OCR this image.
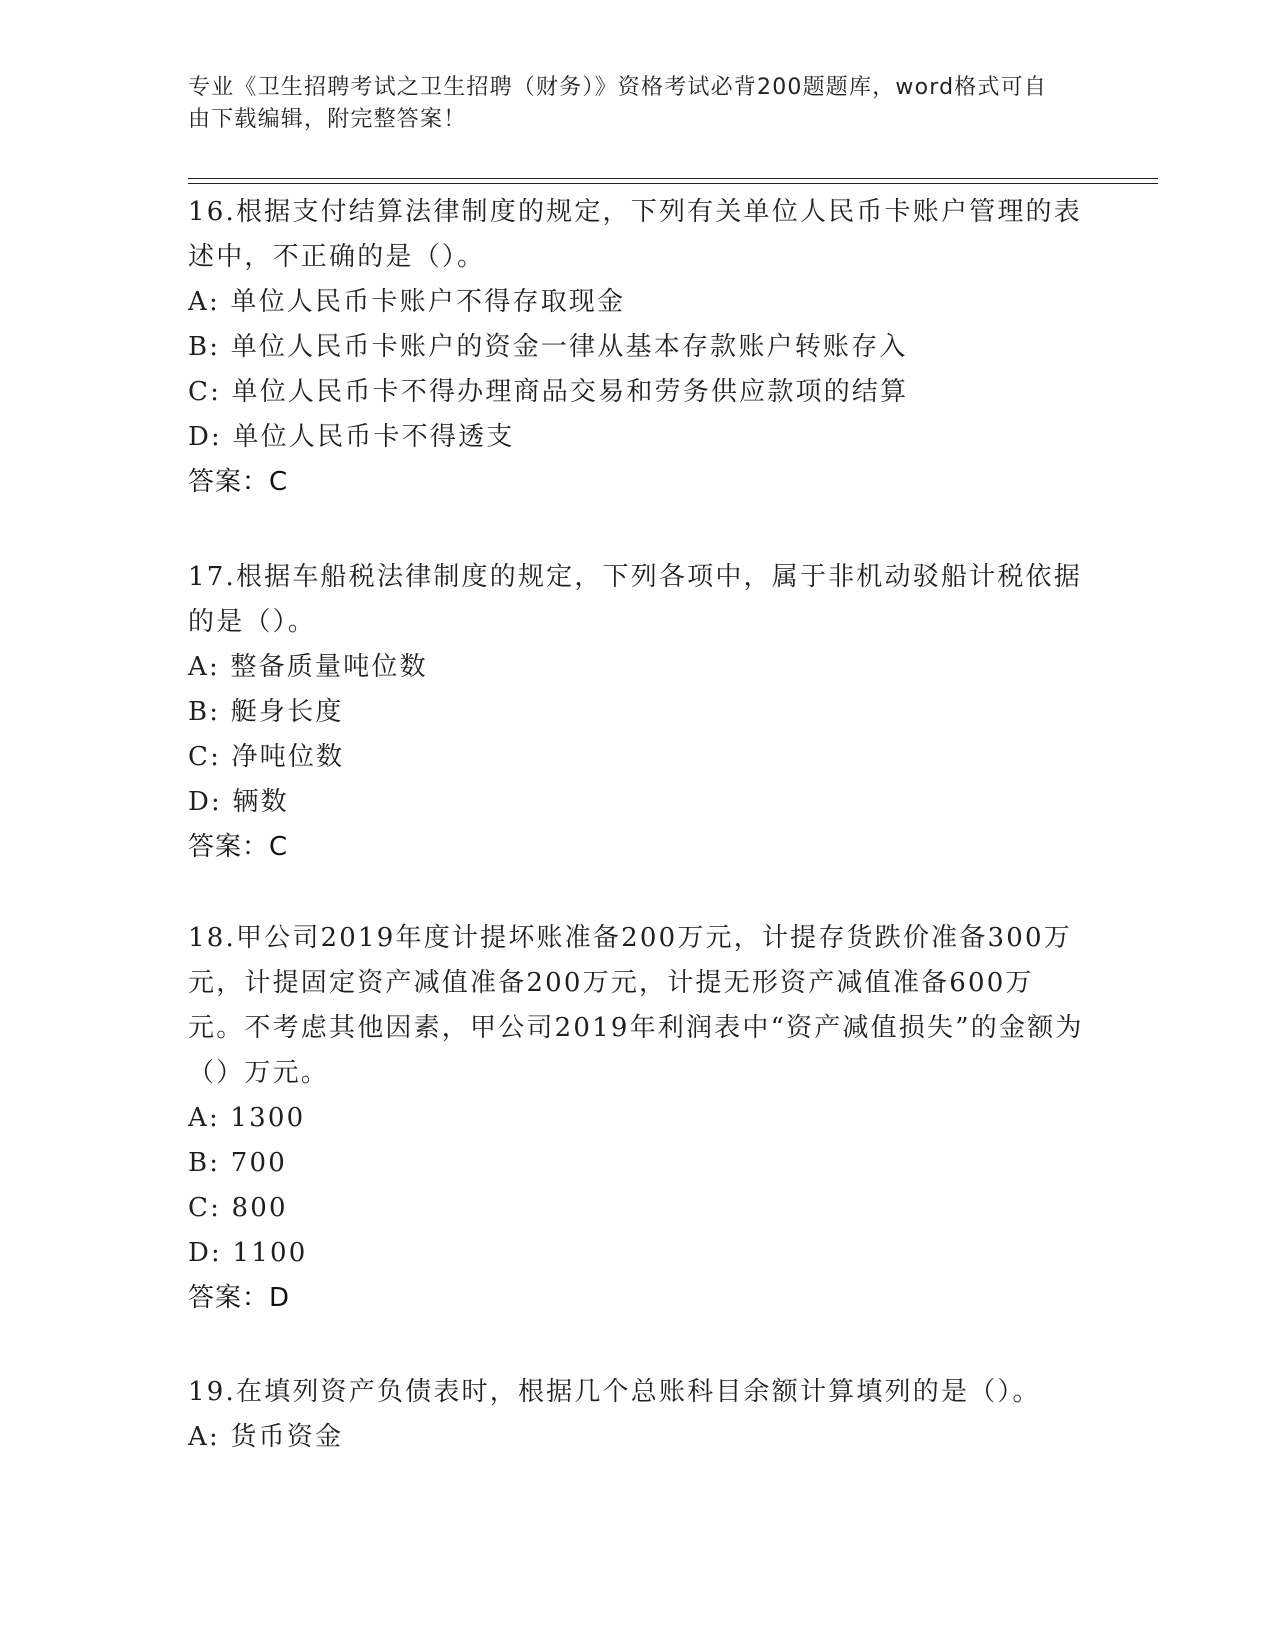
专业《卫生招聘考试之卫生招聘（财务）》资格考试必背200题题库，word格式可自由下载编辑，附完整答案！

16.根据支付结算法律制度的规定，下列有关单位人民币卡账户管理的表述中，不正确的是（）。

A: 单位人民币卡账户不得存取现金

B: 单位人民币卡账户的资金一律从基本存款账户转账存入

C: 单位人民币卡不得办理商品交易和劳务供应款项的结算

D: 单位人民币卡不得透支

答案：C

17.根据车船税法律制度的规定，下列各项中，属于非机动驳船计税依据的是（）。

A: 整备质量吨位数

B: 艇身长度

C: 净吨位数

D: 辆数

答案：C

18.甲公司2019年度计提坏账准备200万元，计提存货跌价准备300万元，计提固定资产减值准备200万元，计提无形资产减值准备600万元。不考虑其他因素，甲公司2019年利润表中“资产减值损失”的金额为（）万元。

A: 1300

B: 700

C: 800

D: 1100

答案：D

19.在填列资产负债表时，根据几个总账科目余额计算填列的是（）。

A: 货币资金
